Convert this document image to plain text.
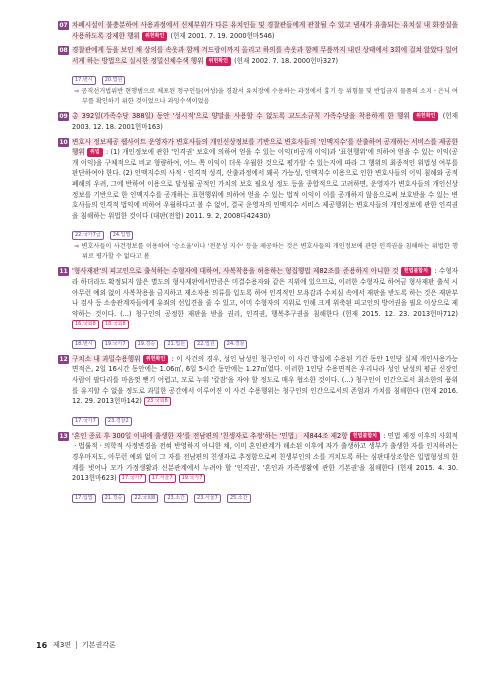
07 차폐시설이 불충분하여 사용과정에서 신체부위가 다른 유치인들 및 경찰관들에게 관찰될 수 있고 냄새가 유출되는 유치실 내 화장실을 사용하도록 강제한 행위 위헌확인 (헌재 2001. 7. 19. 2000헌마546)
08 경찰관에게 등을 보인 채 상의를 속옷과 함께 겨드랑이까지 올리고 하의를 속옷과 함께 무릎까지 내린 상태에서 3회에 걸쳐 앉았다 일어서게 하는 방법으로 실시한 정밀신체수색 행위 위헌확인 (헌재 2002. 7. 18. 2000헌마327)
17.변시 20.법원
⇒ 공직선거법위반 현행범으로 체포된 청구인들(여성)을 경찰서 유치장에 수용하는 과정에서 흉기 등 위험물 및 반입금지 물품의 소지ㆍ은닉 여부를 확인하기 위한 것이었으나 과잉수색이었음
09 총 392일(가족수당 388일) 동안 '성시적'으로 양말을 사용할 수 없도록 교도소규칙 가족수당을 착용하게 한 행위 위헌확인 (헌재 2003. 12. 18. 2001헌마163)
10 변호사 정보제공 웹사이트 운영자가 변호사들의 개인신상정보를 기반으로 변호사들의 '인맥지수'를 산출하여 공개하는 서비스를 제공한 행위 위법 : (1) 개인정보에 관한 '인격권' 보호에 의하여 얻을 수 있는 이익(비공개 이익)과 '표현행위'에 의하여 얻을 수 있는 이익(공개 이익)을 구체적으로 비교 형량하여, 어느 쪽 이익이 더욱 우월한 것으로 평가할 수 있는지에 따라 그 행위의 최종적인 위법성 여부를 판단하여야 한다. (2) 인맥지수의 사적ㆍ인격적 성격, 산출과정에서 왜곡 가능성, 인맥지수 이용으로 인한 변호사들의 이익 침해와 공적 폐해의 우려, 그에 반하여 이용으로 달성될 공적인 가치의 보호 필요성 정도 등을 종합적으로 고려하면, 운영자가 변호사들의 개인신상정보를 기반으로 한 인맥지수를 공개하는 표현행위에 의하여 얻을 수 있는 법적 이익이 이를 공개하지 않음으로써 보호받을 수 있는 변호사들의 인격적 법익에 비하여 우월하다고 볼 수 없어, 결국 운영자의 인맥지수 서비스 제공행위는 변호사들의 개인정보에 관한 인격권을 침해하는 위법한 것이다 (대판(전합) 2011. 9. 2, 2008다42430)
22.국가7급 24.입법
⇒ 변호사들이 사건정보를 이용하여 '승소율'이나 '전문성 지수' 등을 제공하는 것은 변호사들의 개인정보에 관한 인격권을 침해하는 위법한 행위로 평가할 수 없다고 봄
11 '형사재판'의 피고인으로 출석하는 수형자에 대하여, 사복착용을 허용하는 형집행법 제82조를 준용하지 아니한 것 헌법불합치 : 수형자라 하더라도 확정되지 않은 별도의 형사재판에서만큼은 미결수용자와 같은 지위에 있으므로, 이러한 수형자로 하여금 형사재판 출석 시 아무런 예외 없이 사복착용을 금지하고 재소자용 의류를 입도록 하여 인격적인 모욕감과 수치심 속에서 재판을 받도록 하는 것은 재판부나 검사 등 소송관계자들에게 유죄의 선입견을 줄 수 있고, 이미 수형자의 지위로 인해 크게 위축된 피고인의 방어권을 필요 이상으로 제약하는 것이다. (...) 청구인의 공정한 재판을 받을 권리, 인격권, 행복추구권을 침해한다 (헌재 2015. 12. 23. 2013헌마712) 16.국회8 18.국회8
18.변시 19.국가7 19.경승 21.법원 22.법원 24.경찰
12 구치소 내 과밀수용행위 위헌확인 : 이 사건의 경우, 성인 남성인 청구인이 이 사건 방실에 수용된 기간 동안 1인당 실제 개인사용가능면적은, 2일 16시간 동안에는 1.06㎡, 6일 5시간 동안에는 1.27㎡였다. 이러한 1인당 수용면적은 우리나라 성인 남성의 평균 신장인 사람이 팔다리를 마음껏 뻗기 어렵고, 모로 누워 '칼잠'을 자야 할 정도로 매우 협소한 것이다. (...) 청구인이 인간으로서 최소한의 품위를 유지할 수 없을 정도로 과밀한 공간에서 이루어진 이 사건 수용행위는 청구인의 인간으로서의 존엄과 가치를 침해한다 (헌재 2016. 12. 29. 2013헌마142) 23.국회8
17.국가7 23.경찰2
13 '혼인 종료 후 300일 이내에 출생한 자'를 전남편의 '친생자로 추정'하는 '민법」 제844조 제2항 헌법불합치 : 민법 제정 이후의 사회적ㆍ법률적ㆍ의학적 사정변경을 전혀 반영하지 아니한 채, 이미 혼인관계가 해소된 이후에 자가 출생하고 생부가 출생한 자를 인지하려는 경우마저도, 아무런 예외 없이 그 자를 전남편의 친생자로 추정함으로써 친생부인의 소를 거치도록 하는 심판대상조항은 입법형성의 한계를 벗어나 모가 가정생활과 신분관계에서 누려야 할 '인격권', '혼인과 가족생활에 관한 기본권'을 침해한다 (헌재 2015. 4. 30. 2013헌마623) 17.국가7 17.서울7 19.국가7
17.입법 21.경승 22.국회8 23.소간 23.서울7 25.소간
16 제3편 기본권각론
